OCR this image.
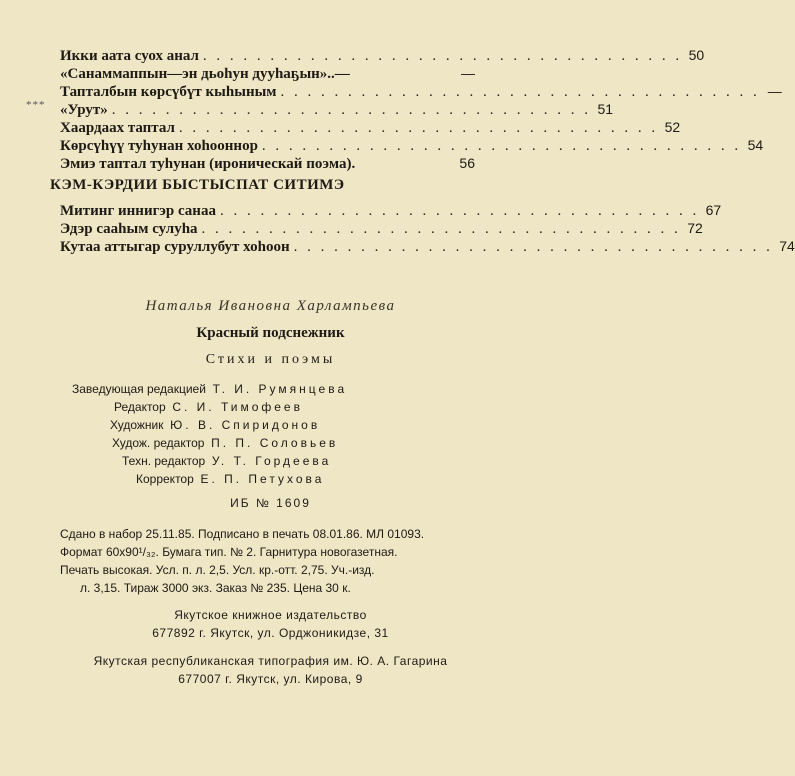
Икки аата суох анал . . . . . . . . . . . . . . . . . . . . . . . . . . . . . . . . . . . . 50
«Санаммаппын—эн дьоһун дууһаҕын»..—	—
Тапталбын көрсүбүт кыһыным . . . . . . . . . . . . . . . . . . . . . . . . . . . . . . . . . . . . —
«Урут» . . . . . . . . . . . . . . . . . . . . . . . . . . . . . . . . . . . . 51
Хаардаах таптал . . . . . . . . . . . . . . . . . . . . . . . . . . . . . . . . . . . . 52
Көрсүһүү туһунан хоһооннор . . . . . . . . . . . . . . . . . . . . . . . . . . . . . . . . . . . . 54
Эмиэ таптал туһунан (ироническай поэма).	56
***
КЭМ-КЭРДИИ БЫСТЫСПАТ СИТИМЭ
Митинг иннигэр санаа . . . . . . . . . . . . . . . . . . . . . . . . . . . . . . . . . . . . 67
Эдэр сааһым сулуһа . . . . . . . . . . . . . . . . . . . . . . . . . . . . . . . . . . . . 72
Кутаа аттыгар суруллубут хоһоон . . . . . . . . . . . . . . . . . . . . . . . . . . . . . . . . . . . . 74
Наталья Ивановна Харлампьева
Красный подснежник
Стихи и поэмы
Заведующая редакцией Т. И. Румянцева
Редактор С. И. Тимофеев
Художник Ю. В. Спиридонов
Худож. редактор П. П. Соловьев
Техн. редактор У. Т. Гордеева
Корректор Е. П. Петухова
ИБ № 1609
Сдано в набор 25.11.85. Подписано в печать 08.01.86. МЛ 01093.
Формат 60х90¹/₃₂. Бумага тип. № 2. Гарнитура новогазетная.
Печать высокая. Усл. п. л. 2,5. Усл. кр.-отт. 2,75. Уч.-изд.
л. 3,15. Тираж 3000 экз. Заказ № 235. Цена 30 к.
Якутское книжное издательство
677892 г. Якутск, ул. Орджоникидзе, 31
Якутская республиканская типография им. Ю. А. Гагарина
677007 г. Якутск, ул. Кирова, 9
